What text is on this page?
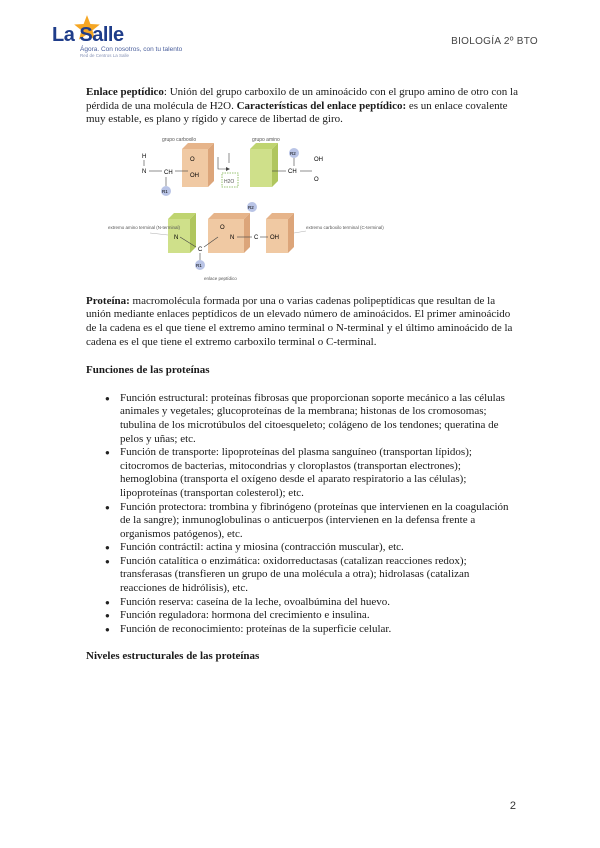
La Salle
Ágora. Con nosotros, con tu talento
Red de Centros La Salle
BIOLOGÍA 2º BTO

Enlace peptídico: Unión del grupo carboxilo de un aminoácido con el grupo amino de otro con la pérdida de una molécula de H2O. Características del enlace peptídico: es un enlace covalente muy estable, es plano y rígido y carece de libertad de giro.

grupo carboxilo
H
N	CH
O
OH
R1
grupo amino
R2
CH
OH
O
H2O
N
C
O
N	C OH
R2
R1
extremo amino terminal (N-terminal)	extremo carboxilo terminal (C-terminal)
enlace peptídico

Proteína: macromolécula formada por una o varias cadenas polipeptídicas que resultan de la unión mediante enlaces peptídicos de un elevado número de aminoácidos. El primer aminoácido de la cadena es el que tiene el extremo amino terminal o N-terminal y el último aminoácido de la cadena es el que tiene el extremo carboxilo terminal o C-terminal.

Funciones de las proteínas
● Función estructural: proteínas fibrosas que proporcionan soporte mecánico a las células animales y vegetales; glucoproteínas de la membrana; histonas de los cromosomas; tubulina de los microtúbulos del citoesqueleto; colágeno de los tendones; queratina de pelos y uñas; etc.
● Función de transporte: lipoproteínas del plasma sanguíneo (transportan lípidos); citocromos de bacterias, mitocondrias y cloroplastos (transportan electrones); hemoglobina (transporta el oxígeno desde el aparato respiratorio a las células); lipoproteínas (transportan colesterol); etc.
● Función protectora: trombina y fibrinógeno (proteínas que intervienen en la coagulación de la sangre); inmunoglobulinas o anticuerpos (intervienen en la defensa frente a organismos patógenos), etc.
● Función contráctil: actina y miosina (contracción muscular), etc.
● Función catalítica o enzimática: oxidorreductasas (catalizan reacciones redox); transferasas (transfieren un grupo de una molécula a otra); hidrolasas (catalizan reacciones de hidrólisis), etc.
● Función reserva: caseína de la leche, ovoalbúmina del huevo.
● Función reguladora: hormona del crecimiento e insulina.
● Función de reconocimiento: proteínas de la superficie celular.
Niveles estructurales de las proteínas
2
